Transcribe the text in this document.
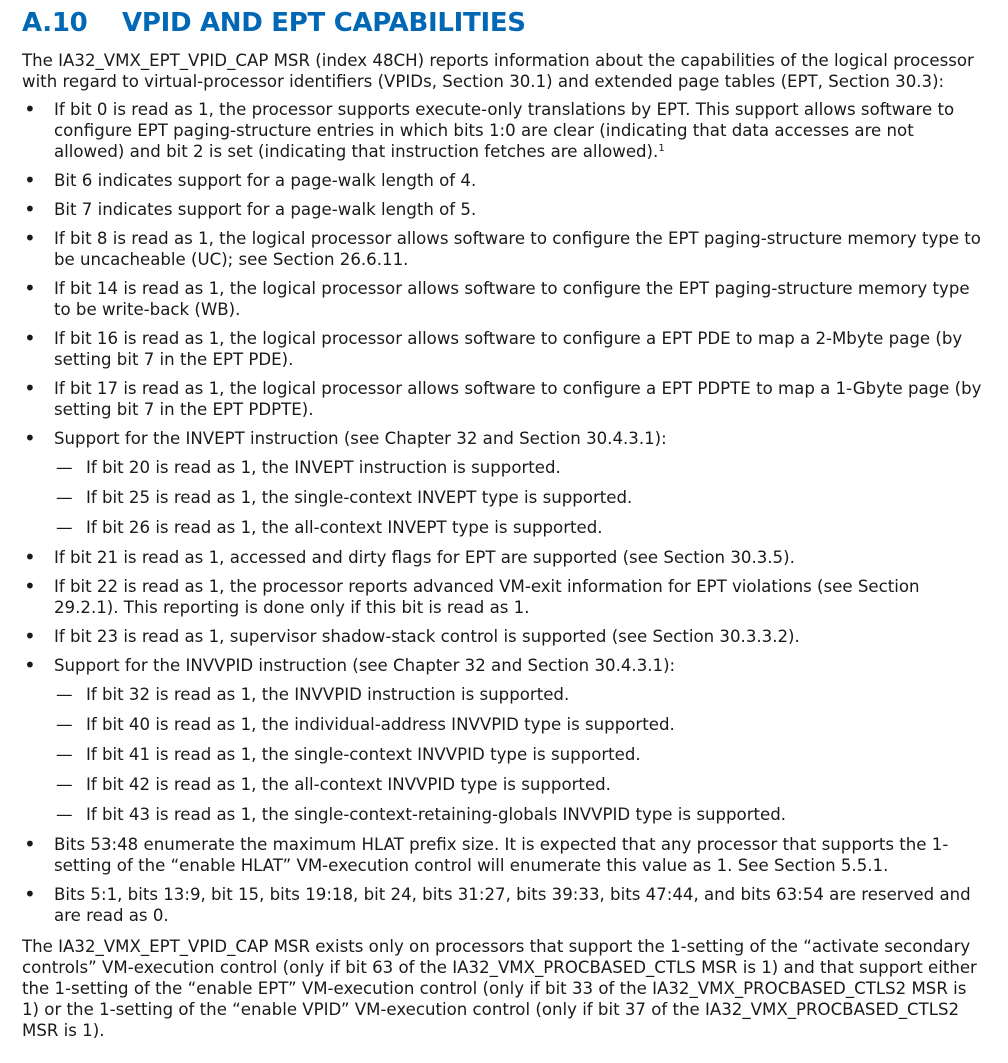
A.10	VPID AND EPT CAPABILITIES

The IA32_VMX_EPT_VPID_CAP MSR (index 48CH) reports information about the capabilities of the logical processor with regard to virtual-processor identifiers (VPIDs, Section 30.1) and extended page tables (EPT, Section 30.3):

• If bit 0 is read as 1, the processor supports execute-only translations by EPT. This support allows software to configure EPT paging-structure entries in which bits 1:0 are clear (indicating that data accesses are not allowed) and bit 2 is set (indicating that instruction fetches are allowed).$^1$
• Bit 6 indicates support for a page-walk length of 4.
• Bit 7 indicates support for a page-walk length of 5.
• If bit 8 is read as 1, the logical processor allows software to configure the EPT paging-structure memory type to be uncacheable (UC); see Section 26.6.11.
• If bit 14 is read as 1, the logical processor allows software to configure the EPT paging-structure memory type to be write-back (WB).
• If bit 16 is read as 1, the logical processor allows software to configure a EPT PDE to map a 2-Mbyte page (by setting bit 7 in the EPT PDE).
• If bit 17 is read as 1, the logical processor allows software to configure a EPT PDPTE to map a 1-Gbyte page (by setting bit 7 in the EPT PDPTE).
• Support for the INVEPT instruction (see Chapter 32 and Section 30.4.3.1):
— If bit 20 is read as 1, the INVEPT instruction is supported.
— If bit 25 is read as 1, the single-context INVEPT type is supported.
— If bit 26 is read as 1, the all-context INVEPT type is supported.
• If bit 21 is read as 1, accessed and dirty flags for EPT are supported (see Section 30.3.5).
• If bit 22 is read as 1, the processor reports advanced VM-exit information for EPT violations (see Section 29.2.1). This reporting is done only if this bit is read as 1.
• If bit 23 is read as 1, supervisor shadow-stack control is supported (see Section 30.3.3.2).
• Support for the INVVPID instruction (see Chapter 32 and Section 30.4.3.1):
— If bit 32 is read as 1, the INVVPID instruction is supported.
— If bit 40 is read as 1, the individual-address INVVPID type is supported.
— If bit 41 is read as 1, the single-context INVVPID type is supported.
— If bit 42 is read as 1, the all-context INVVPID type is supported.
— If bit 43 is read as 1, the single-context-retaining-globals INVVPID type is supported.
• Bits 53:48 enumerate the maximum HLAT prefix size. It is expected that any processor that supports the 1-setting of the “enable HLAT” VM-execution control will enumerate this value as 1. See Section 5.5.1.
• Bits 5:1, bits 13:9, bit 15, bits 19:18, bit 24, bits 31:27, bits 39:33, bits 47:44, and bits 63:54 are reserved and are read as 0.

The IA32_VMX_EPT_VPID_CAP MSR exists only on processors that support the 1-setting of the “activate secondary controls” VM-execution control (only if bit 63 of the IA32_VMX_PROCBASED_CTLS MSR is 1) and that support either the 1-setting of the “enable EPT” VM-execution control (only if bit 33 of the IA32_VMX_PROCBASED_CTLS2 MSR is 1) or the 1-setting of the “enable VPID” VM-execution control (only if bit 37 of the IA32_VMX_PROCBASED_CTLS2 MSR is 1).
